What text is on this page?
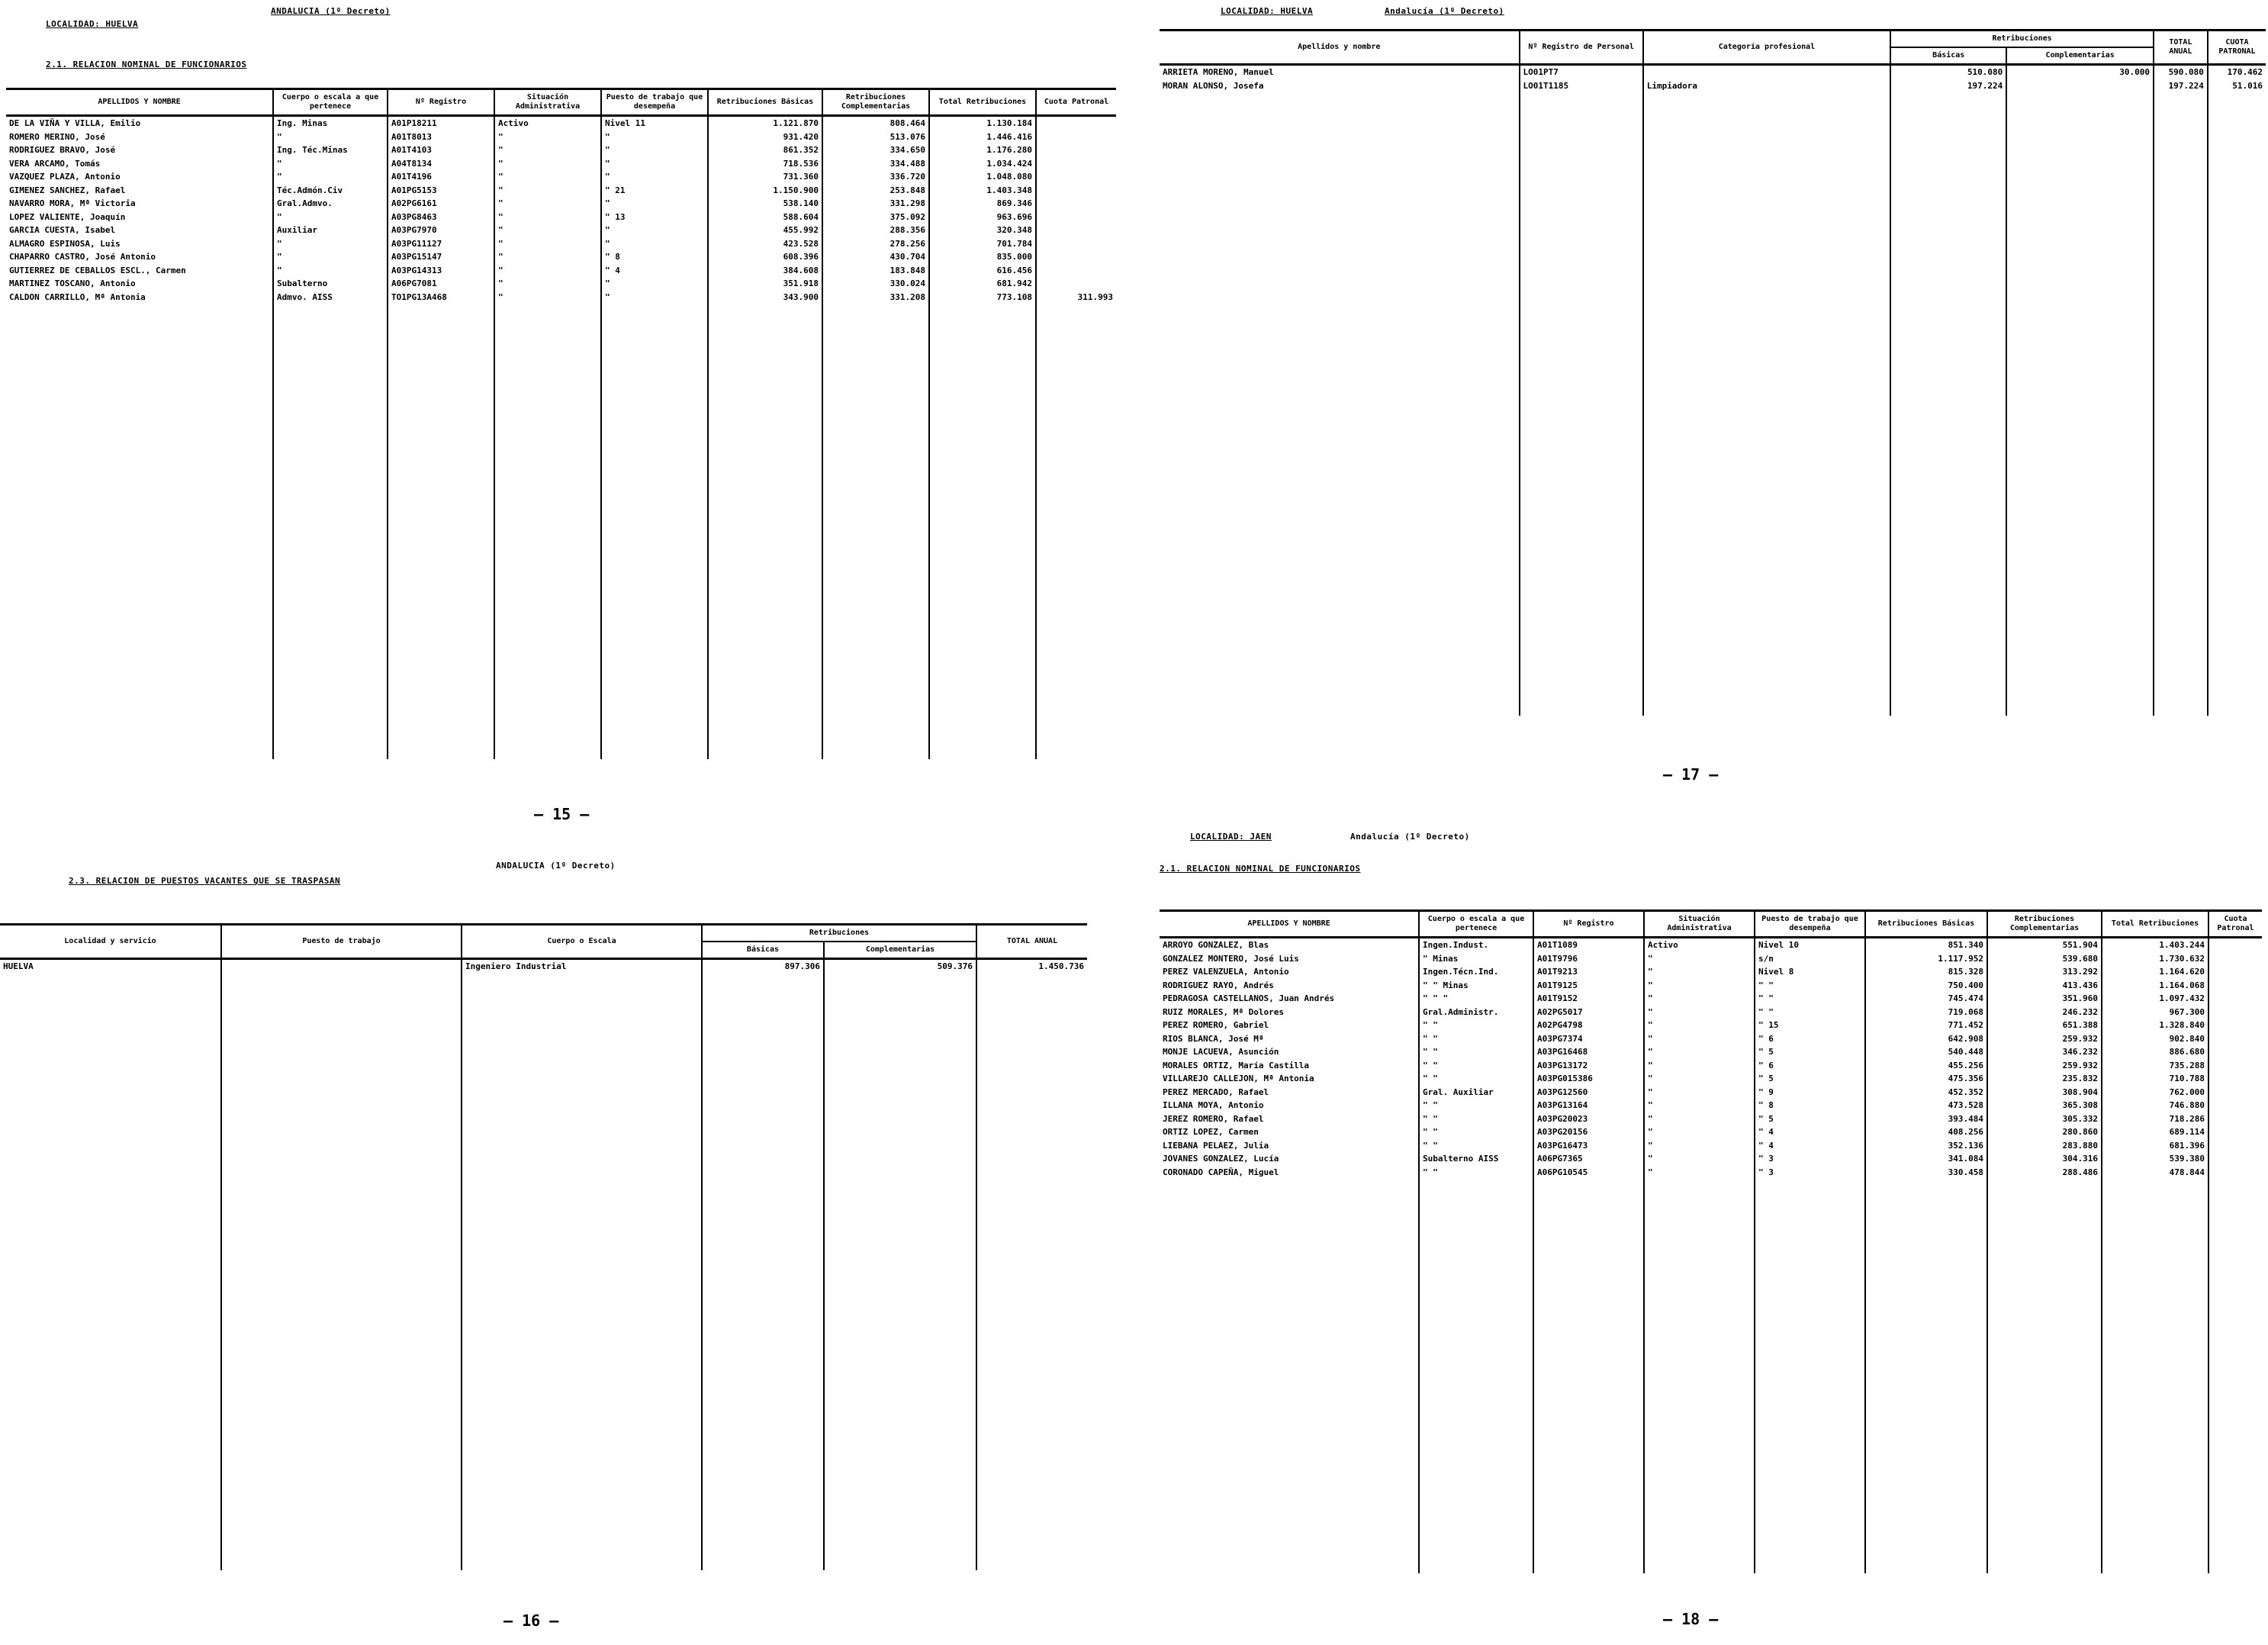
LOCALIDAD: HUELVA
ANDALUCIA (1º Decreto)
2.1. RELACION NOMINAL DE FUNCIONARIOS
APELLIDOS Y NOMBRE	Cuerpo o escala a que pertenece	Nº Registro	Situación Administrativa	Puesto de trabajo que desempeña	Retribuciones Básicas	Retribuciones Complementarias	Total Retribuciones	Cuota Patronal
DE LA VIÑA Y VILLA, Emilio	Ing. Minas	A01P18211	Activo	Nivel 11	1.121.870	808.464	1.130.184	
ROMERO MERINO, José	"	A01T8013	"	"	931.420	513.076	1.446.416	
RODRIGUEZ BRAVO, José	Ing. Téc.Minas	A01T4103	"	"	861.352	334.650	1.176.280	
VERA ARCAMO, Tomás	"	A04T8134	"	"	718.536	334.488	1.034.424	
VAZQUEZ PLAZA, Antonio	"	A01T4196	"	"	731.360	336.720	1.048.080	
GIMENEZ SANCHEZ, Rafael	Téc.Admón.Civ	A01PG5153	"	" 21	1.150.900	253.848	1.403.348	
NAVARRO MORA, Mª Victoria	Gral.Admvo.	A02PG6161	"	"	538.140	331.298	869.346	
LOPEZ VALIENTE, Joaquín	"	A03PG8463	"	" 13	588.604	375.092	963.696	
GARCIA CUESTA, Isabel	Auxiliar	A03PG7970	"	"	455.992	288.356	320.348	
ALMAGRO ESPINOSA, Luis	"	A03PG11127	"	"	423.528	278.256	701.784	
CHAPARRO CASTRO, José Antonio	"	A03PG15147	"	" 8	608.396	430.704	835.000	
GUTIERREZ DE CEBALLOS ESCL., Carmen	"	A03PG14313	"	" 4	384.608	183.848	616.456	
MARTINEZ TOSCANO, Antonio	Subalterno	A06PG7081	"	"	351.918	330.024	681.942	
CALDON CARRILLO, Mª Antonia	Admvo. AISS	TO1PG13A468	"	"	343.900	331.208	773.108	311.993

— 15 —
LOCALIDAD: HUELVA	Andalucía (1º Decreto)
Apellidos y nombre	Nº Registro de Personal	Categoría profesional	Retribuciones		TOTAL ANUAL	CUOTA PATRONAL
			Básicas	Complementarias		
ARRIETA MORENO, Manuel	LO01PT7		510.080	30.000	590.080	170.462
MORAN ALONSO, Josefa	LO01T1185	Limpiadora	197.224		197.224	51.016

— 17 —
2.3. RELACION DE PUESTOS VACANTES QUE SE TRASPASAN
ANDALUCIA (1º Decreto)
Localidad y servicio	Puesto de trabajo	Cuerpo o Escala	Retribuciones		TOTAL ANUAL
			Básicas	Complementarias	
HUELVA		Ingeniero Industrial	897.306	509.376	1.450.736

— 16 —
LOCALIDAD: JAEN	Andalucía (1º Decreto)
2.1. RELACION NOMINAL DE FUNCIONARIOS
APELLIDOS Y NOMBRE	Cuerpo o escala a que pertenece	Nº Registro	Situación Administrativa	Puesto de trabajo que desempeña	Retribuciones Básicas	Retribuciones Complementarias	Total Retribuciones	Cuota Patronal
ARROYO GONZALEZ, Blas	Ingen.Indust.	A01T1089	Activo	Nivel 10	851.340	551.904	1.403.244	
GONZALEZ MONTERO, José Luis	" Minas	A01T9796	"	s/n	1.117.952	539.680	1.730.632	
PEREZ VALENZUELA, Antonio	Ingen.Técn.Ind.	A01T9213	"	Nivel 8	815.328	313.292	1.164.620	
RODRIGUEZ RAYO, Andrés	" " Minas	A01T9125	"	" "	750.400	413.436	1.164.068	
PEDRAGOSA CASTELLANOS, Juan Andrés	" " "	A01T9152	"	" "	745.474	351.960	1.097.432	
RUIZ MORALES, Mª Dolores	Gral.Administr.	A02PG5017	"	" "	719.068	246.232	967.300	
PEREZ ROMERO, Gabriel	" "	A02PG4798	"	" 15	771.452	651.388	1.328.840	
RIOS BLANCA, José Mª	" "	A03PG7374	"	" 6	642.908	259.932	902.840	
MONJE LACUEVA, Asunción	" "	A03PG16468	"	" 5	540.448	346.232	886.680	
MORALES ORTIZ, María Castilla	" "	A03PG13172	"	" 6	455.256	259.932	735.288	
VILLAREJO CALLEJON, Mª Antonia	" "	A03PG015386	"	" 5	475.356	235.832	710.788	
PEREZ MERCADO, Rafael	Gral. Auxiliar	A03PG12560	"	" 9	452.352	308.904	762.000	
ILLANA MOYA, Antonio	" "	A03PG13164	"	" 8	473.528	365.308	746.880	
JEREZ ROMERO, Rafael	" "	A03PG20023	"	" 5	393.484	305.332	718.286	
ORTIZ LOPEZ, Carmen	" "	A03PG20156	"	" 4	408.256	280.860	689.114	
LIEBANA PELAEZ, Julia	" "	A03PG16473	"	" 4	352.136	283.880	681.396	
JOVANES GONZALEZ, Lucía	Subalterno AISS	A06PG7365	"	" 3	341.084	304.316	539.380	
CORONADO CAPEÑA, Miguel	" "	A06PG10545	"	" 3	330.458	288.486	478.844	

— 18 —
